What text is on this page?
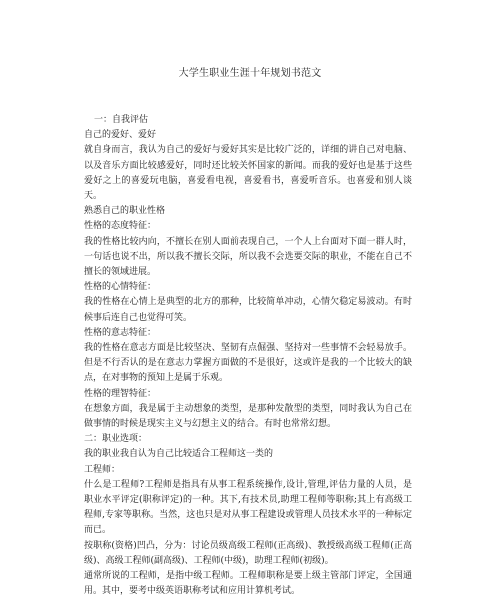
大学生职业生涯十年规划书范文

一：自我评估

自己的爱好、爱好

就自身而言，我认为自己的爱好与爱好其实是比较广泛的，详细的讲自己对电脑、以及音乐方面比较感爱好，同时还比较关怀国家的新闻。而我的爱好也是基于这些爱好之上的喜爱玩电脑，喜爱看电视，喜爱看书，喜爱听音乐。也喜爱和别人谈天。

熟悉自己的职业性格

性格的态度特征：

我的性格比较内向，不擅长在别人面前表现自己，一个人上台面对下面一群人时，一句话也说不出，所以我不擅长交际，所以我不会选要交际的职业，不能在自己不擅长的领域进展。

性格的心情特征：

我的性格在心情上是典型的北方的那种，比较简单冲动，心情欠稳定易波动。有时候事后连自己也觉得可笑。

性格的意志特征：

我的性格在意志方面是比较坚决、坚韧有点倔强、坚持对一些事情不会轻易放手。但是不行否认的是在意志力掌握方面做的不是很好，这或许是我的一个比较大的缺点，在对事物的预知上是属于乐观。

性格的理智特征：

在想象方面，我是属于主动想象的类型，是那种发散型的类型，同时我认为自己在做事情的时候是现实主义与幻想主义的结合。有时也常常幻想。

二：职业选项：

我的职业我自认为自己比较适合工程师这一类的

工程师：

什么是工程师?工程师是指具有从事工程系统操作,设计,管理,评估力量的人员，是职业水平评定(职称评定)的一种。其下,有技术员,助理工程师等职称;其上有高级工程师,专家等职称。当然，这也只是对从事工程建设或管理人员技术水平的一种标定而已。

按职称(资格)凹凸，分为：讨论员级高级工程师(正高级)、教授级高级工程师(正高级)、高级工程师(副高级)、工程师(中级)，助理工程师(初级)。

通常所说的工程师，是指中级工程师。工程师职称是要上级主管部门评定，全国通用。其中，要考中级英语职称考试和应用计算机考试。
